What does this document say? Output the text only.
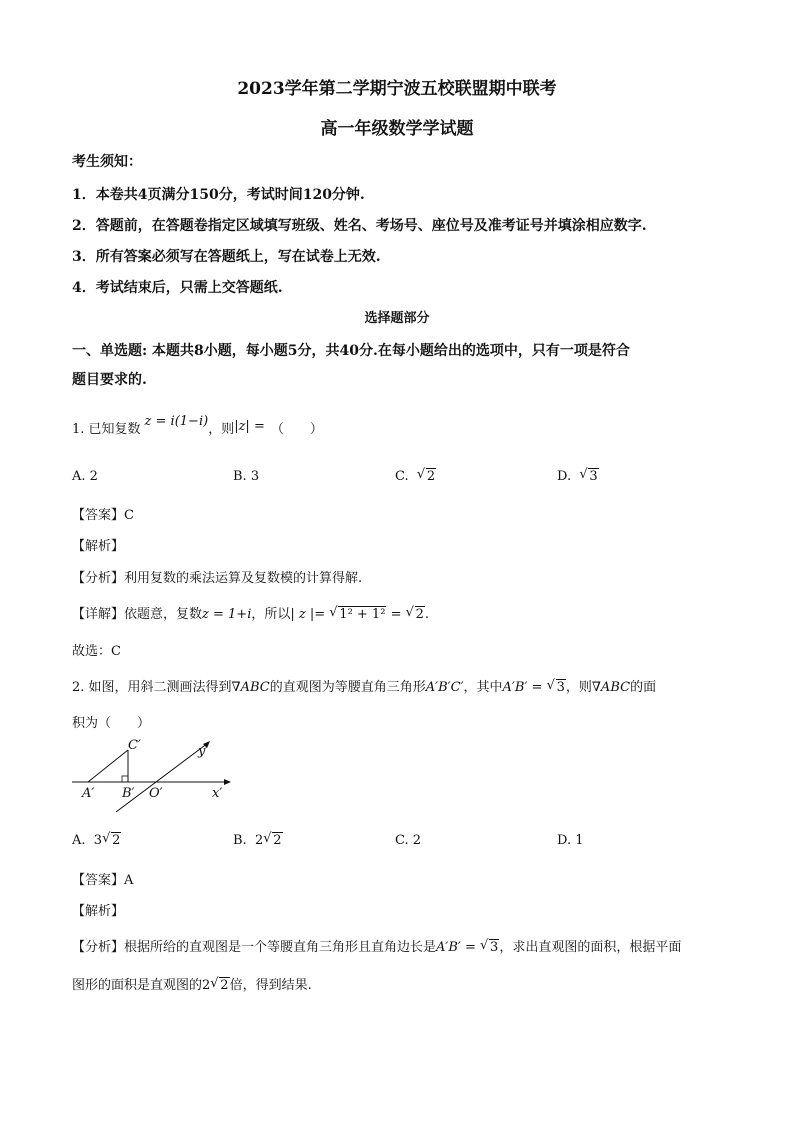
2023学年第二学期宁波五校联盟期中联考
高一年级数学学试题
考生须知：
1．本卷共4页满分150分，考试时间120分钟.
2．答题前，在答题卷指定区域填写班级、姓名、考场号、座位号及准考证号并填涂相应数字.
3．所有答案必须写在答题纸上，写在试卷上无效.
4．考试结束后，只需上交答题纸.
选择题部分
一、单选题: 本题共8小题，每小题5分，共40分.在每小题给出的选项中，只有一项是符合
题目要求的.
1. 已知复数z = i(1−i)，则|z| = （　　）
A. 2	B. 3	C. √ 2	D. √ 3
【答案】C
【解析】
【分析】利用复数的乘法运算及复数模的计算得解.
【详解】依题意，复数z = 1+i，所以| z |= √ 1² + 1² = √ 2.
故选：C
2. 如图，用斜二测画法得到∇ABC的直观图为等腰直角三角形A′B′C′，其中A′B′ = √ 3，则∇ABC的面
积为（　　）
C′	y′
A′ B′ O′	x′
A. 3 √ 2	B. 2 √ 2	C. 2	D. 1
【答案】A
【解析】
【分析】根据所给的直观图是一个等腰直角三角形且直角边长是A′B′ = √ 3，求出直观图的面积，根据平面
图形的面积是直观图的2 √ 2倍，得到结果.
